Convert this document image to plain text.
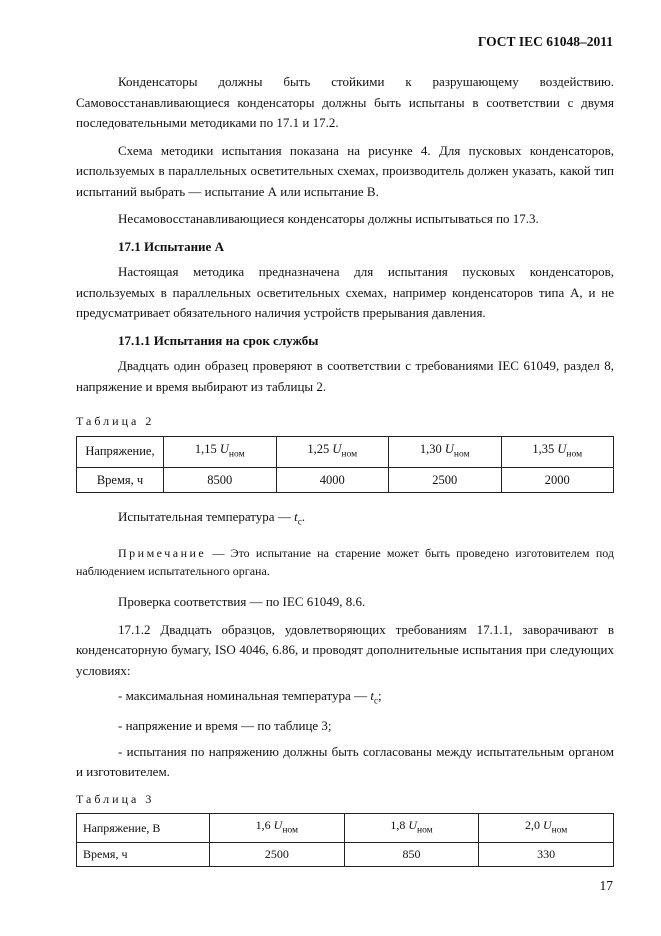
ГОСТ IEC 61048–2011

Конденсаторы должны быть стойкими к разрушающему воздействию. Самовосстанавливающиеся конденсаторы должны быть испытаны в соответствии с двумя последовательными методиками по 17.1 и 17.2.

Схема методики испытания показана на рисунке 4. Для пусковых конденсаторов, используемых в параллельных осветительных схемах, производитель должен указать, какой тип испытаний выбрать — испытание А или испытание В.

Несамовосстанавливающиеся конденсаторы должны испытываться по 17.3.

17.1 Испытание А

Настоящая методика предназначена для испытания пусковых конденсаторов, используемых в параллельных осветительных схемах, например конденсаторов типа А, и не предусматривает обязательного наличия устройств прерывания давления.

17.1.1 Испытания на срок службы

Двадцать один образец проверяют в соответствии с требованиями IEC 61049, раздел 8, напряжение и время выбирают из таблицы 2.

Таблица 2

Напряжение,	1,15 $U_{ном}$	1,25 $U_{ном}$	1,30 $U_{ном}$	1,35 $U_{ном}$
Время, ч	8500	4000	2500	2000

Испытательная температура — $t_c$.

Примечание — Это испытание на старение может быть проведено изготовителем под наблюдением испытательного органа.

Проверка соответствия — по IEC 61049, 8.6.

17.1.2 Двадцать образцов, удовлетворяющих требованиям 17.1.1, заворачивают в конденсаторную бумагу, ISO 4046, 6.86, и проводят дополнительные испытания при следующих условиях:

- максимальная номинальная температура — $t_c$;

- напряжение и время — по таблице 3;

- испытания по напряжению должны быть согласованы между испытательным органом и изготовителем.

Таблица 3

Напряжение, В	1,6 $U_{ном}$	1,8 $U_{ном}$	2,0 $U_{ном}$
Время, ч	2500	850	330
17
